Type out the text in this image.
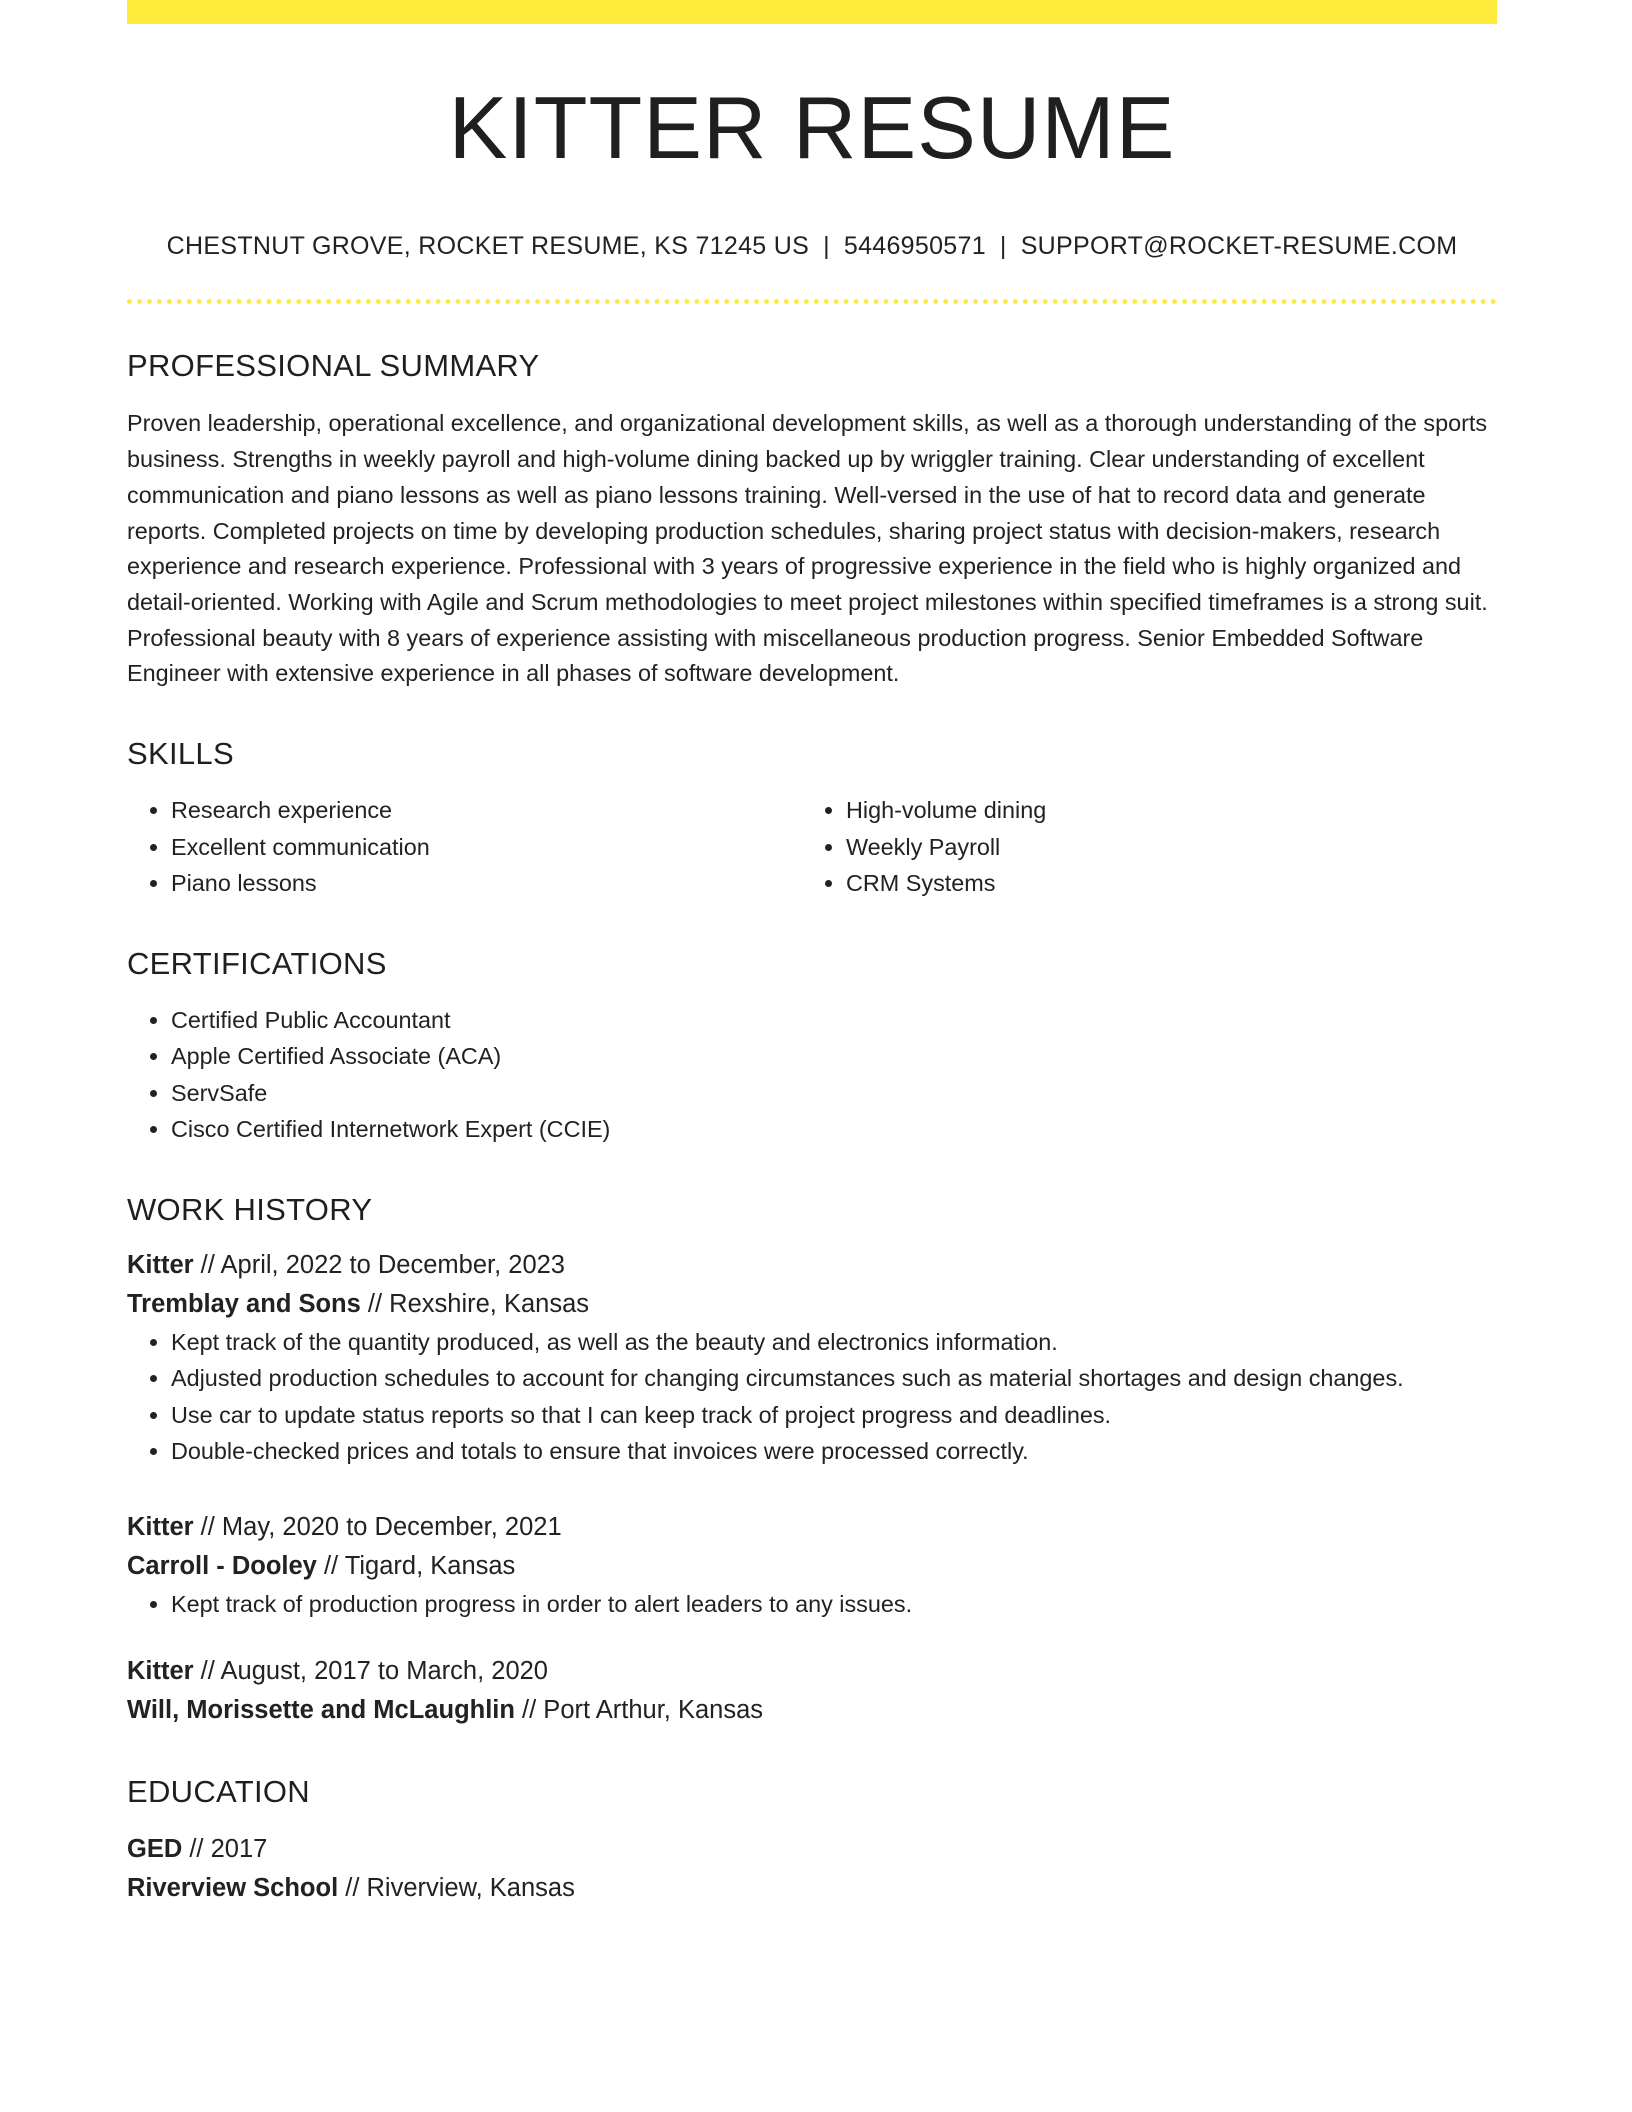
KITTER RESUME
CHESTNUT GROVE, ROCKET RESUME, KS 71245 US | 5446950571 | SUPPORT@ROCKET-RESUME.COM
PROFESSIONAL SUMMARY
Proven leadership, operational excellence, and organizational development skills, as well as a thorough understanding of the sports business. Strengths in weekly payroll and high-volume dining backed up by wriggler training. Clear understanding of excellent communication and piano lessons as well as piano lessons training. Well-versed in the use of hat to record data and generate reports. Completed projects on time by developing production schedules, sharing project status with decision-makers, research experience and research experience. Professional with 3 years of progressive experience in the field who is highly organized and detail-oriented. Working with Agile and Scrum methodologies to meet project milestones within specified timeframes is a strong suit. Professional beauty with 8 years of experience assisting with miscellaneous production progress. Senior Embedded Software Engineer with extensive experience in all phases of software development.
SKILLS
• Research experience
• Excellent communication
• Piano lessons
• High-volume dining
• Weekly Payroll
• CRM Systems
CERTIFICATIONS
• Certified Public Accountant
• Apple Certified Associate (ACA)
• ServSafe
• Cisco Certified Internetwork Expert (CCIE)
WORK HISTORY
Kitter // April, 2022 to December, 2023
Tremblay and Sons // Rexshire, Kansas
• Kept track of the quantity produced, as well as the beauty and electronics information.
• Adjusted production schedules to account for changing circumstances such as material shortages and design changes.
• Use car to update status reports so that I can keep track of project progress and deadlines.
• Double-checked prices and totals to ensure that invoices were processed correctly.
Kitter // May, 2020 to December, 2021
Carroll - Dooley // Tigard, Kansas
• Kept track of production progress in order to alert leaders to any issues.
Kitter // August, 2017 to March, 2020
Will, Morissette and McLaughlin // Port Arthur, Kansas
EDUCATION
GED // 2017
Riverview School // Riverview, Kansas
